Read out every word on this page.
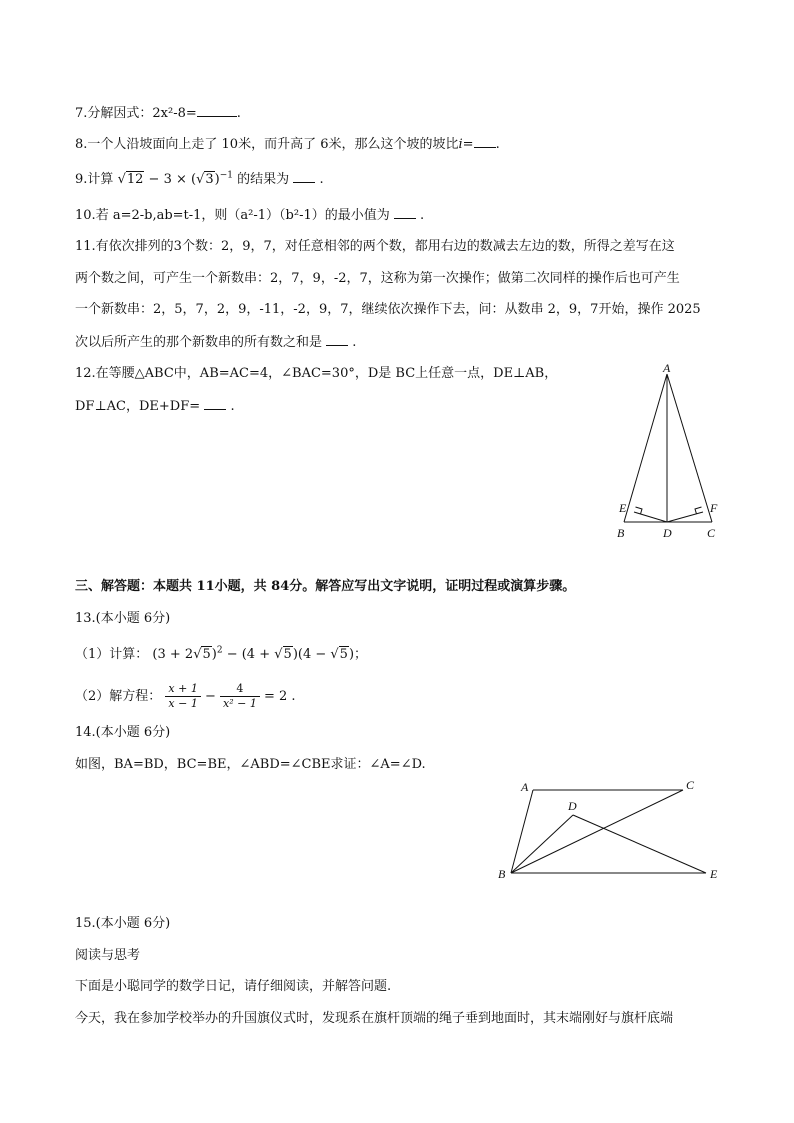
7.分解因式：2x²-8=	.
8.一个人沿坡面向上走了 10米，而升高了 6米，那么这个坡的坡比i= .
9.计算 $√12 - 3 \times (√3)^{-1}$ 的结果为 .
10.若 a=2-b,ab=t-1，则（a²-1）（b²-1）的最小值为 .
11.有依次排列的3个数：2，9，7，对任意相邻的两个数，都用右边的数减去左边的数，所得之差写在这
两个数之间，可产生一个新数串：2，7，9，-2，7，这称为第一次操作；做第二次同样的操作后也可产生
一个新数串：2，5，7，2，9，-11，-2，9，7，继续依次操作下去，问：从数串 2，9，7开始，操作 2025
次以后所产生的那个新数串的所有数之和是 .
12.在等腰△ABC中，AB=AC=4，∠BAC=30°，D是 BC上任意一点，DE⊥AB，
DF⊥AC，DE+DF= .
A
B	C
D
E	F
三、解答题：本题共 11小题，共 84分。解答应写出文字说明，证明过程或演算步骤。
13.(本小题 6分)
（1）计算： $(3 + 2√5)^2 - (4 + √5)(4 - √5)$；
（2）解方程： $\frac{x + 1}{x - 1} - \frac{4}{\text{x² − 1}} = 2$ .
14.(本小题 6分)
如图，BA=BD，BC=BE，∠ABD=∠CBE求证：∠A=∠D.
A	C
D
B	E
15.(本小题 6分)
阅读与思考
下面是小聪同学的数学日记，请仔细阅读，并解答问题.
今天，我在参加学校举办的升国旗仪式时，发现系在旗杆顶端的绳子垂到地面时，其末端刚好与旗杆底端
